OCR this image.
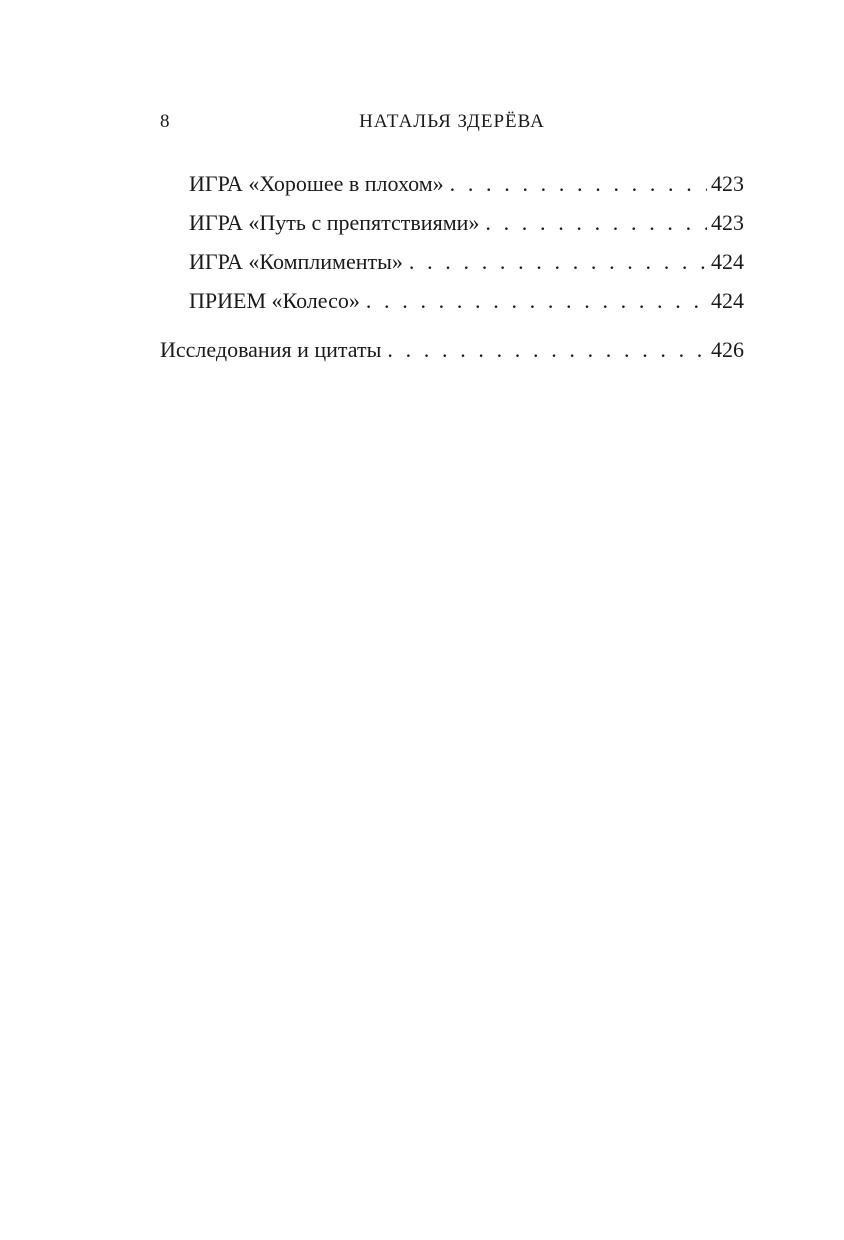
8	НАТАЛЬЯ ЗДЕРЁВА
ИГРА «Хорошее в плохом» . . .	423
ИГРА «Путь с препятствиями» . . .	423
ИГРА «Комплименты» . . .	424
ПРИЕМ «Колесо» . . .	424
Исследования и цитаты . . .	426
